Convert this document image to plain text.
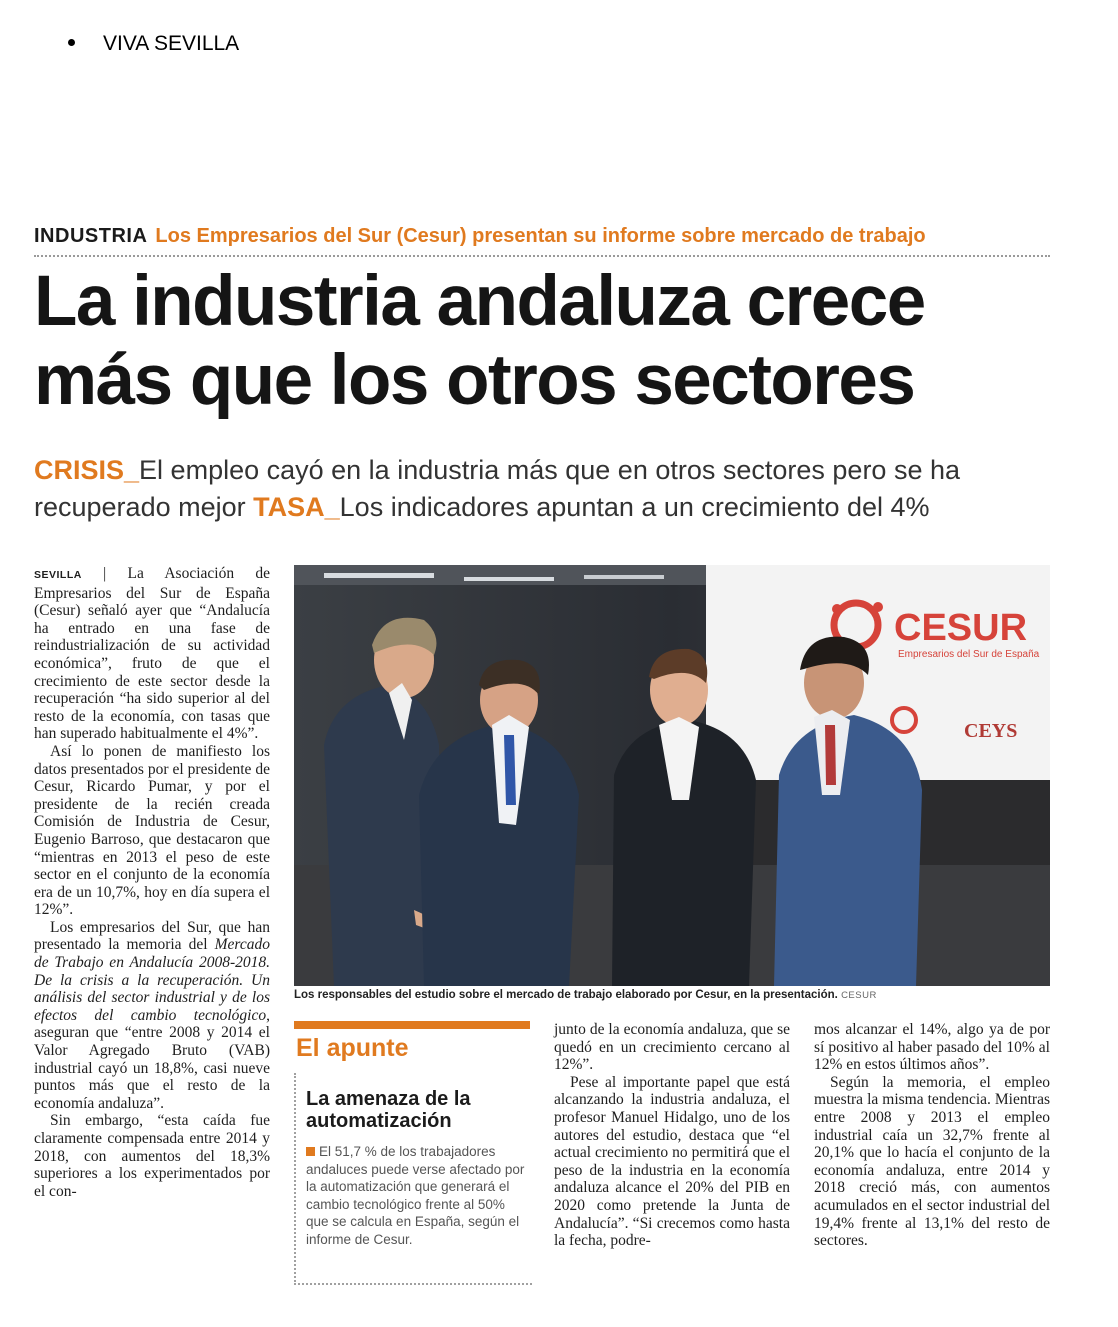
VIVA SEVILLA
INDUSTRIA Los Empresarios del Sur (Cesur) presentan su informe sobre mercado de trabajo
La industria andaluza crece
más que los otros sectores
CRISIS_El empleo cayó en la industria más que en otros sectores pero se ha recuperado mejor TASA_Los indicadores apuntan a un crecimiento del 4%

SEVILLA | La Asociación de Empresarios del Sur de España (Cesur) señaló ayer que “Andalucía ha entrado en una fase de reindustrialización de su actividad económica”, fruto de que el crecimiento de este sector desde la recuperación “ha sido superior al del resto de la economía, con tasas que han superado habitualmente el 4%”.

Así lo ponen de manifiesto los datos presentados por el presidente de Cesur, Ricardo Pumar, y por el presidente de la recién creada Comisión de Industria de Cesur, Eugenio Barroso, que destacaron que “mientras en 2013 el peso de este sector en el conjunto de la economía era de un 10,7%, hoy en día supera el 12%”.

Los empresarios del Sur, que han presentado la memoria del Mercado de Trabajo en Andalucía 2008-2018. De la crisis a la recuperación. Un análisis del sector industrial y de los efectos del cambio tecnológico, aseguran que “entre 2008 y 2014 el Valor Agregado Bruto (VAB) industrial cayó un 18,8%, casi nueve puntos más que el resto de la economía andaluza”.

Sin embargo, “esta caída fue claramente compensada entre 2014 y 2018, con aumentos del 18,3% superiores a los experimentados por el con-

CESUR
Empresarios del Sur de España
CEYS
Los responsables del estudio sobre el mercado de trabajo elaborado por Cesur, en la presentación. CESUR
El apunte
La amenaza de la automatización
El 51,7 % de los trabajadores andaluces puede verse afectado por la automatización que generará el cambio tecnológico frente al 50% que se calcula en España, según el informe de Cesur.

junto de la economía andaluza, que se quedó en un crecimiento cercano al 12%”.

Pese al importante papel que está alcanzando la industria andaluza, el profesor Manuel Hidalgo, uno de los autores del estudio, destaca que “el actual crecimiento no permitirá que el peso de la industria en la economía andaluza alcance el 20% del PIB en 2020 como pretende la Junta de Andalucía”. “Si crecemos como hasta la fecha, podre-

mos alcanzar el 14%, algo ya de por sí positivo al haber pasado del 10% al 12% en estos últimos años”.

Según la memoria, el empleo muestra la misma tendencia. Mientras entre 2008 y 2013 el empleo industrial caía un 32,7% frente al 20,1% que lo hacía el conjunto de la economía andaluza, entre 2014 y 2018 creció más, con aumentos acumulados en el sector industrial del 19,4% frente al 13,1% del resto de sectores.
